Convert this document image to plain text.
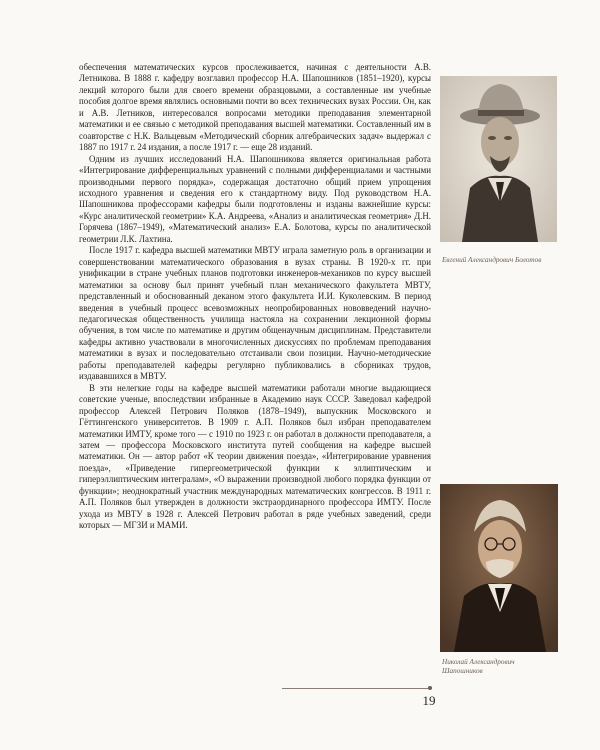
обеспечения математических курсов прослеживается, начиная с деятельности А.В. Летникова. В 1888 г. кафедру возглавил профессор Н.А. Шапошников (1851–1920), курсы лекций которого были для своего времени образцовыми, а составленные им учебные пособия долгое время являлись основными почти во всех технических вузах России. Он, как и А.В. Летников, интересовался вопросами методики преподавания элементарной математики и ее связью с методикой преподавания высшей математики. Составленный им в соавторстве с Н.К. Вальцевым «Методический сборник алгебраических задач» выдержал с 1887 по 1917 г. 24 издания, а после 1917 г. — еще 28 изданий.

Одним из лучших исследований Н.А. Шапошникова является оригинальная работа «Интегрирование дифференциальных уравнений с полными дифференциалами и частными производными первого порядка», содержащая достаточно общий прием упрощения исходного уравнения и сведения его к стандартному виду. Под руководством Н.А. Шапошникова профессорами кафедры были подготовлены и изданы важнейшие курсы: «Курс аналитической геометрии» К.А. Андреева, «Анализ и аналитическая геометрия» Д.Н. Горячева (1867–1949), «Математический анализ» Е.А. Болотова, курсы по аналитической геометрии Л.К. Лахтина.

После 1917 г. кафедра высшей математики МВТУ играла заметную роль в организации и совершенствовании математического образования в вузах страны. В 1920-х гг. при унификации в стране учебных планов подготовки инженеров-механиков по курсу высшей математики за основу был принят учебный план механического факультета МВТУ, представленный и обоснованный деканом этого факультета И.И. Куколевским. В период введения в учебный процесс всевозможных неопробированных нововведений научно-педагогическая общественность училища настояла на сохранении лекционной формы обучения, в том числе по математике и другим общенаучным дисциплинам. Представители кафедры активно участвовали в многочисленных дискуссиях по проблемам преподавания математики в вузах и последовательно отстаивали свои позиции. Научно-методические работы преподавателей кафедры регулярно публиковались в сборниках трудов, издававшихся в МВТУ.

В эти нелегкие годы на кафедре высшей математики работали многие выдающиеся советские ученые, впоследствии избранные в Академию наук СССР. Заведовал кафедрой профессор Алексей Петрович Поляков (1878–1949), выпускник Московского и Гёттингенского университетов. В 1909 г. А.П. Поляков был избран преподавателем математики ИМТУ, кроме того — с 1910 по 1923 г. он работал в должности преподавателя, а затем — профессора Московского института путей сообщения на кафедре высшей математики. Он — автор работ «К теории движения поезда», «Интегрирование уравнения поезда», «Приведение гипергеометрической функции к эллиптическим и гиперэллиптическим интегралам», «О выражении производной любого порядка функции от функции»; неоднократный участник международных математических конгрессов. В 1911 г. А.П. Поляков был утвержден в должности экстраординарного профессора ИМТУ. После ухода из МВТУ в 1928 г. Алексей Петрович работал в ряде учебных заведений, среди которых — МГЗИ и МАМИ.

Евгений Александрович Болотов
Николай Александрович Шапошников
19
